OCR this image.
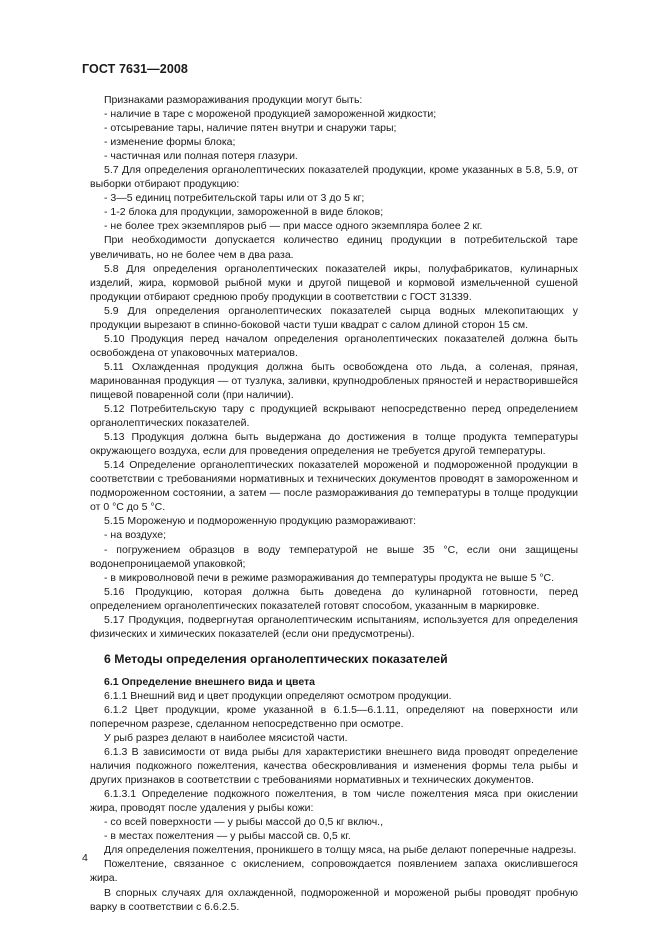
ГОСТ 7631—2008

Признаками размораживания продукции могут быть:

- наличие в таре с мороженой продукцией замороженной жидкости;

- отсыревание тары, наличие пятен внутри и снаружи тары;

- изменение формы блока;

- частичная или полная потеря глазури.

5.7 Для определения органолептических показателей продукции, кроме указанных в 5.8, 5.9, от выборки отбирают продукцию:

- 3—5 единиц потребительской тары или от 3 до 5 кг;

- 1-2 блока для продукции, замороженной в виде блоков;

- не более трех экземпляров рыб — при массе одного экземпляра более 2 кг.

При необходимости допускается количество единиц продукции в потребительской таре увеличивать, но не более чем в два раза.

5.8 Для определения органолептических показателей икры, полуфабрикатов, кулинарных изделий, жира, кормовой рыбной муки и другой пищевой и кормовой измельченной сушеной продукции отбирают среднюю пробу продукции в соответствии с ГОСТ 31339.

5.9 Для определения органолептических показателей сырца водных млекопитающих у продукции вырезают в спинно-боковой части туши квадрат с салом длиной сторон 15 см.

5.10 Продукция перед началом определения органолептических показателей должна быть освобождена от упаковочных материалов.

5.11 Охлажденная продукция должна быть освобождена ото льда, а соленая, пряная, маринованная продукция — от тузлука, заливки, крупнодробленых пряностей и нерастворившейся пищевой поваренной соли (при наличии).

5.12 Потребительскую тару с продукцией вскрывают непосредственно перед определением органолептических показателей.

5.13 Продукция должна быть выдержана до достижения в толще продукта температуры окружающего воздуха, если для проведения определения не требуется другой температуры.

5.14 Определение органолептических показателей мороженой и подмороженной продукции в соответствии с требованиями нормативных и технических документов проводят в замороженном и подмороженном состоянии, а затем — после размораживания до температуры в толще продукции от 0 °С до 5 °С.

5.15 Мороженую и подмороженную продукцию размораживают:

- на воздухе;

- погружением образцов в воду температурой не выше 35 °С, если они защищены водонепроницаемой упаковкой;

- в микроволновой печи в режиме размораживания до температуры продукта не выше 5 °С.

5.16 Продукцию, которая должна быть доведена до кулинарной готовности, перед определением органолептических показателей готовят способом, указанным в маркировке.

5.17 Продукция, подвергнутая органолептическим испытаниям, используется для определения физических и химических показателей (если они предусмотрены).

6 Методы определения органолептических показателей

6.1 Определение внешнего вида и цвета

6.1.1 Внешний вид и цвет продукции определяют осмотром продукции.

6.1.2 Цвет продукции, кроме указанной в 6.1.5—6.1.11, определяют на поверхности или поперечном разрезе, сделанном непосредственно при осмотре.

У рыб разрез делают в наиболее мясистой части.

6.1.3 В зависимости от вида рыбы для характеристики внешнего вида проводят определение наличия подкожного пожелтения, качества обескровливания и изменения формы тела рыбы и других признаков в соответствии с требованиями нормативных и технических документов.

6.1.3.1 Определение подкожного пожелтения, в том числе пожелтения мяса при окислении жира, проводят после удаления у рыбы кожи:

- со всей поверхности — у рыбы массой до 0,5 кг включ.,

- в местах пожелтения — у рыбы массой св. 0,5 кг.

Для определения пожелтения, проникшего в толщу мяса, на рыбе делают поперечные надрезы.

Пожелтение, связанное с окислением, сопровождается появлением запаха окислившегося жира.

В спорных случаях для охлажденной, подмороженной и мороженой рыбы проводят пробную варку в соответствии с 6.6.2.5.

4
